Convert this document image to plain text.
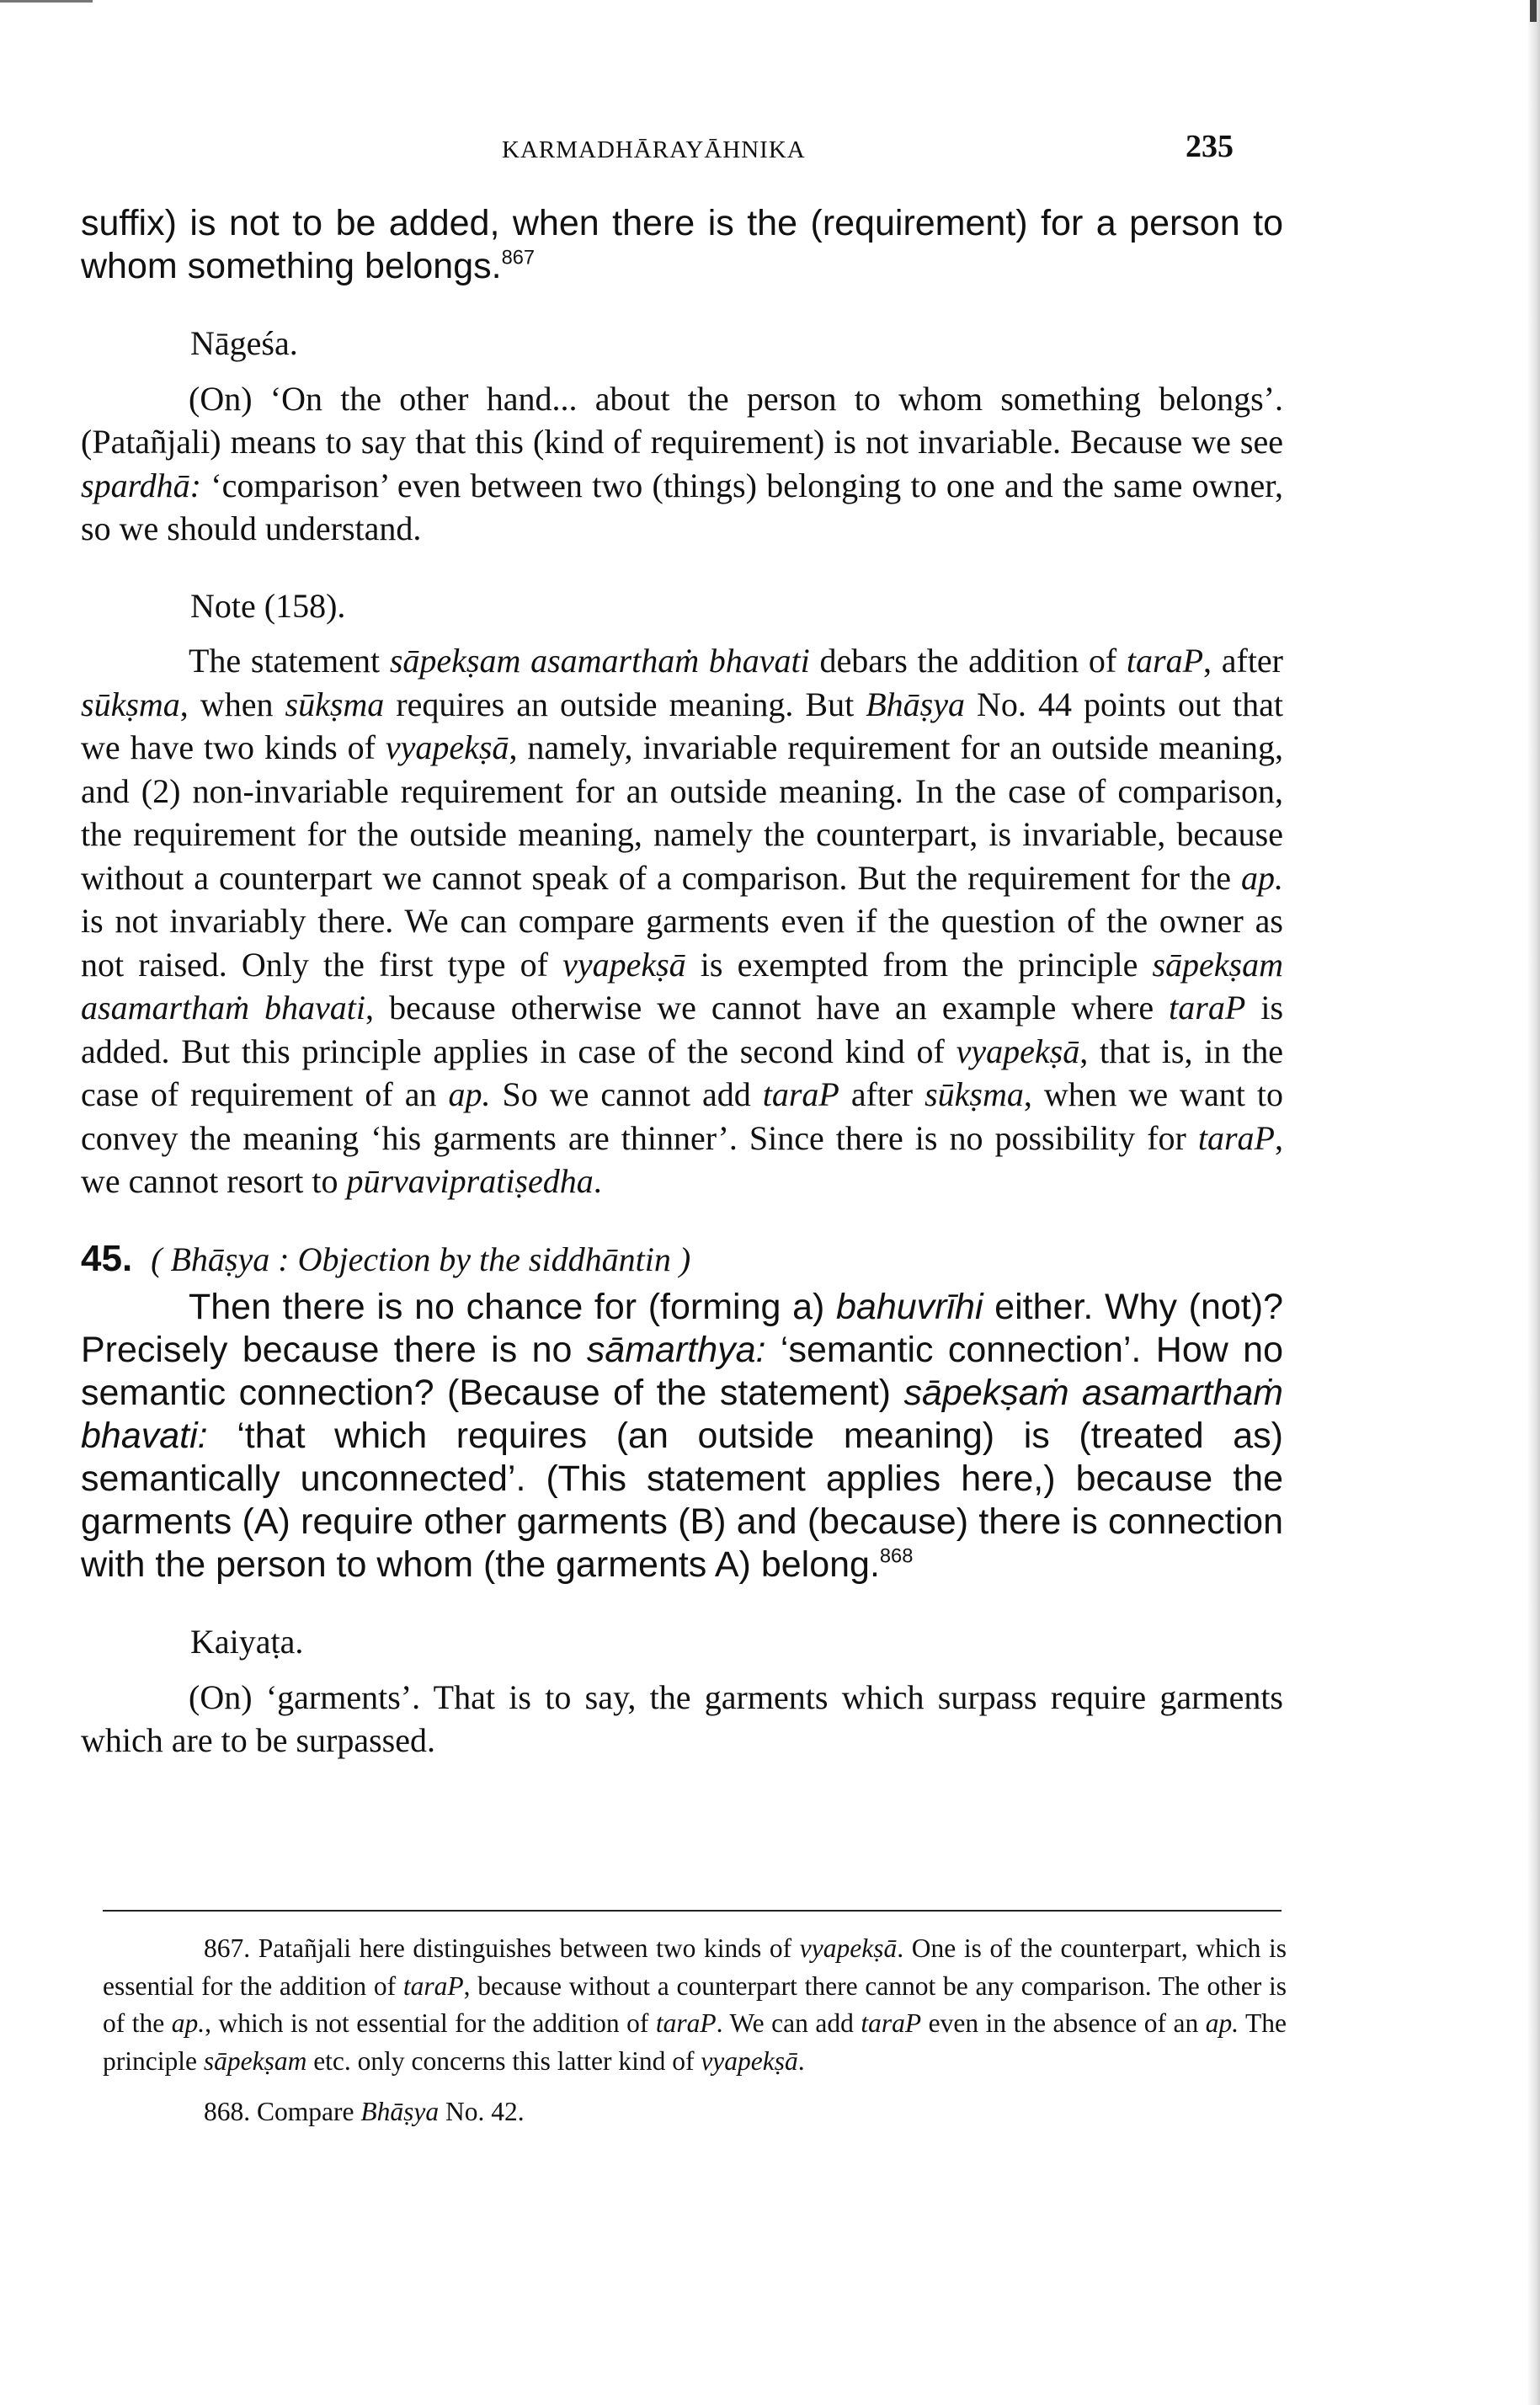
KARMADHĀRAYĀHNIKA	235

suffix) is not to be added, when there is the (requirement) for a person to whom something belongs.$^{867}$

Nāgeśa.

(On) ‘On the other hand... about the person to whom something belongs’. (Patañjali) means to say that this (kind of requirement) is not invariable. Because we see spardhā: ‘comparison’ even between two (things) belonging to one and the same owner, so we should understand.

Note (158).

The statement sāpekṣam asamarthaṁ bhavati debars the addition of taraP, after sūkṣma, when sūkṣma requires an outside meaning. But Bhāṣya No. 44 points out that we have two kinds of vyapekṣā, namely, invariable requirement for an outside meaning, and (2) non-invariable requirement for an outside meaning. In the case of comparison, the requirement for the outside meaning, namely the counterpart, is invariable, because without a counterpart we cannot speak of a comparison. But the requirement for the ap. is not invariably there. We can compare garments even if the question of the owner as not raised. Only the first type of vyapekṣā is exempted from the principle sāpekṣam asamarthaṁ bhavati, because otherwise we cannot have an example where taraP is added. But this principle applies in case of the second kind of vyapekṣā, that is, in the case of requirement of an ap. So we cannot add taraP after sūkṣma, when we want to convey the meaning ‘his garments are thinner’. Since there is no possibility for taraP, we cannot resort to pūrvavipratiṣedha.

45. ( Bhāṣya : Objection by the siddhāntin )

Then there is no chance for (forming a) bahuvrīhi either. Why (not)? Precisely because there is no sāmarthya: ‘semantic connection’. How no semantic connection? (Because of the statement) sāpekṣaṁ asamarthaṁ bhavati: ‘that which requires (an outside meaning) is (treated as) semantically unconnected’. (This statement applies here,) because the garments (A) require other garments (B) and (because) there is connection with the person to whom (the garments A) belong.$^{868}$

Kaiyaṭa.

(On) ‘garments’. That is to say, the garments which surpass require garments which are to be surpassed.

867. Patañjali here distinguishes between two kinds of vyapekṣā. One is of the counterpart, which is essential for the addition of taraP, because without a counterpart there cannot be any comparison. The other is of the ap., which is not essential for the addition of taraP. We can add taraP even in the absence of an ap. The principle sāpekṣam etc. only concerns this latter kind of vyapekṣā.

868. Compare Bhāṣya No. 42.
